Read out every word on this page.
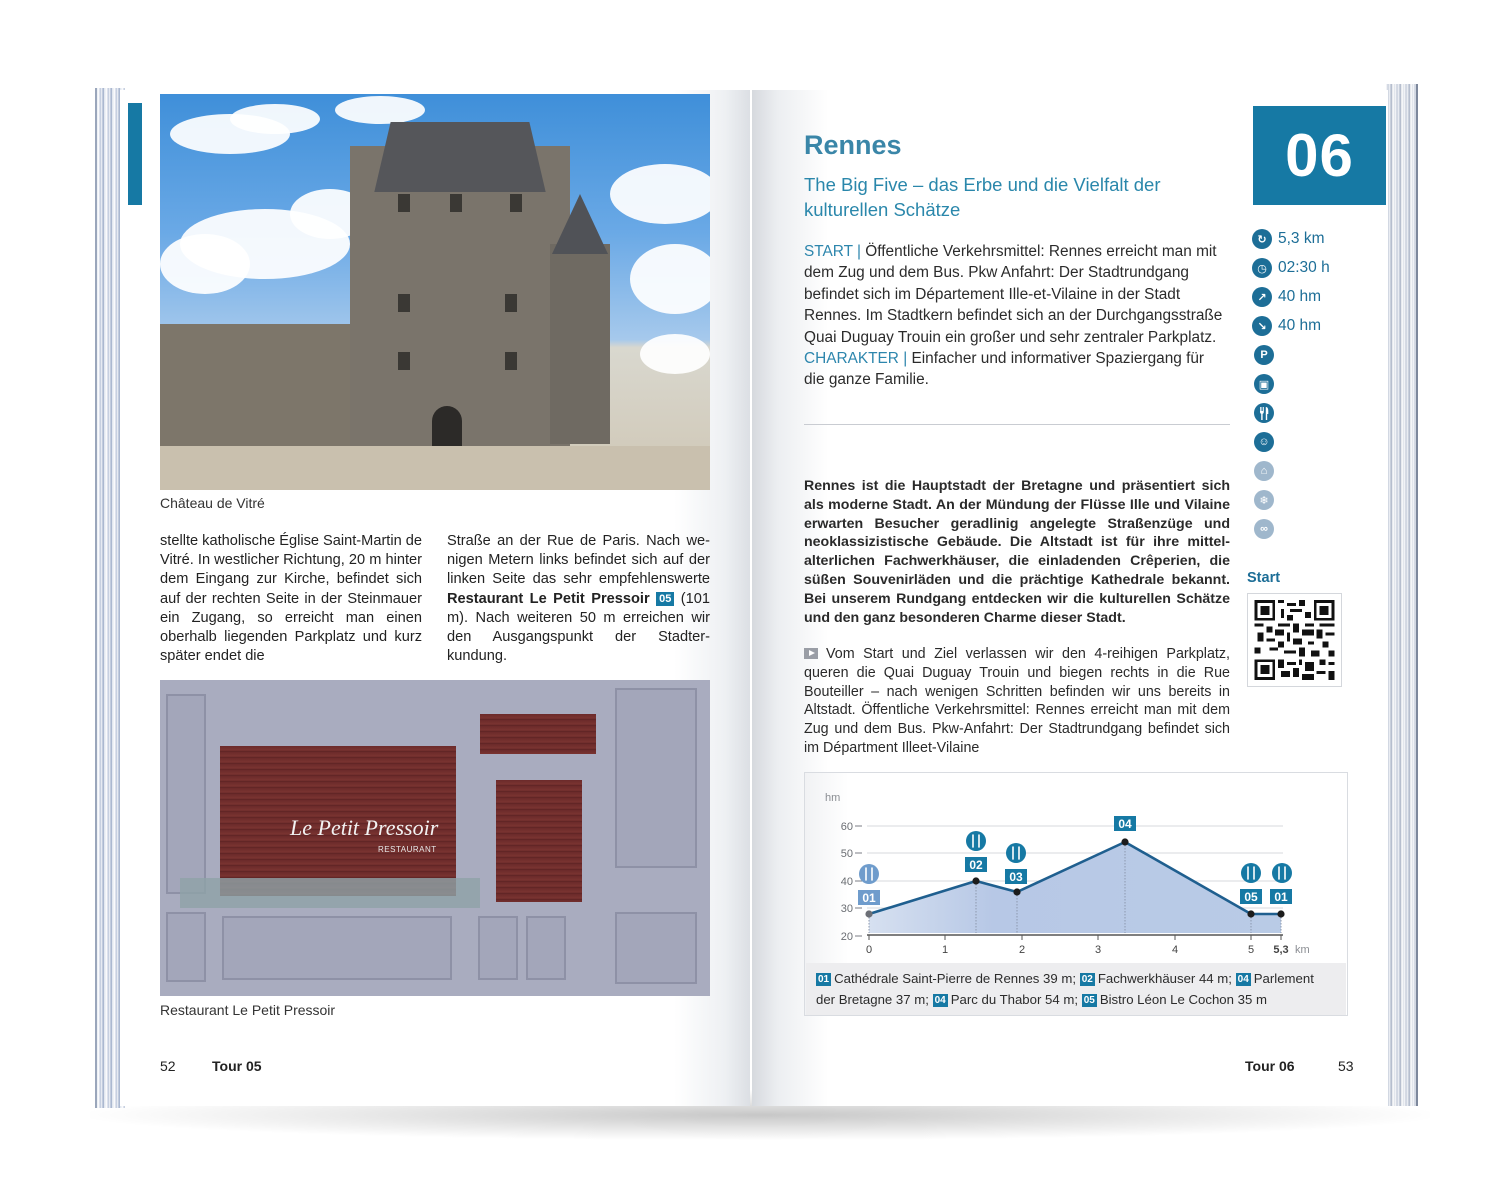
Château de Vitré
stellte katholische Église Saint-Martin de Vitré. In westlicher Richtung, 20 m hinter dem Eingang zur Kirche, befindet sich auf der rechten Seite in der Steinmauer ein Zugang, so erreicht man einen oberhalb liegenden Parkplatz und kurz später endet die
Straße an der Rue de Paris. Nach wenigen Metern links befindet sich auf der linken Seite das sehr empfehlenswerte Restaurant Le Petit Pressoir 05 (101 m). Nach weiteren 50 m erreichen wir den Ausgangspunkt der Stadterkundung.
Le Petit Pressoir
RESTAURANT
Restaurant Le Petit Pressoir
52	Tour 05
Rennes
The Big Five – das Erbe und die Vielfalt der kulturellen Schätze
START | Öffentliche Verkehrsmittel: Rennes erreicht man mit dem Zug und dem Bus. Pkw Anfahrt: Der Stadtrundgang befindet sich im Département Ille-et-Vilaine in der Stadt Rennes. Im Stadtkern befindet sich an der Durchgangsstraße Quai Duguay Trouin ein großer und sehr zentraler Parkplatz.
CHARAKTER | Einfacher und informativer Spaziergang für die ganze Familie.
Rennes ist die Hauptstadt der Bretagne und präsentiert sich als moderne Stadt. An der Mündung der Flüsse Ille und Vilaine erwarten Besucher geradlinig angelegte Straßenzüge und neoklassizistische Gebäude. Die Altstadt ist für ihre mittelalterlichen Fachwerkhäuser, die einladenden Crêperien, die süßen Souvenirläden und die prächtige Kathedrale bekannt. Bei unserem Rundgang entdecken wir die kulturellen Schätze und den ganz besonderen Charme dieser Stadt.
Vom Start und Ziel verlassen wir den 4-reihigen Parkplatz, queren die Quai Duguay Trouin und biegen rechts in die Rue Bouteiller – nach wenigen Schritten befinden wir uns bereits in Altstadt. Öffentliche Verkehrsmittel: Rennes erreicht man mit dem Zug und dem Bus. Pkw-Anfahrt: Der Stadtrundgang befindet sich im Départment Illeet-Vilaine
06
↻ 5,3 km
◷ 02:30 h
↗ 40 hm
↘ 40 hm
P
▣
☺
⌂
❄
∞
Start
hm
60
50
40
30
20
0	1	2	3	4	5 5,3 km
01
02
03
04
05 01
01 Cathédrale Saint-Pierre de Rennes 39 m; 02 Fachwerkhäuser 44 m; 04 Parlement der Bretagne 37 m; 04 Parc du Thabor 54 m; 05 Bistro Léon Le Cochon 35 m
Tour 06	53
